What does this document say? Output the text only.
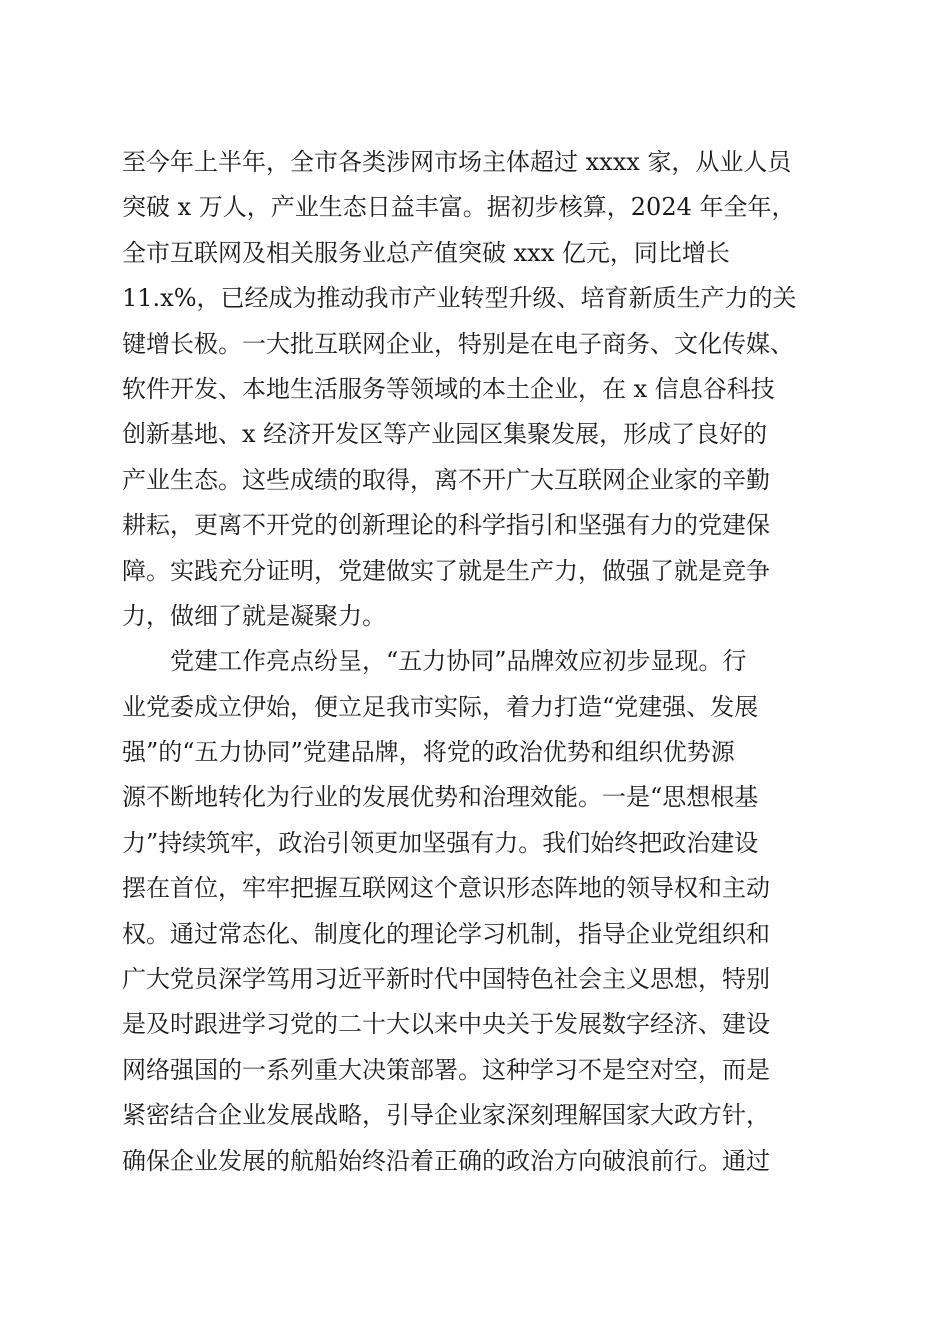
至今年上半年，全市各类涉网市场主体超过 xxxx 家，从业人员
突破 x 万人，产业生态日益丰富。据初步核算，2024 年全年，
全市互联网及相关服务业总产值突破 xxx 亿元，同比增长
11.x%，已经成为推动我市产业转型升级、培育新质生产力的关
键增长极。一大批互联网企业，特别是在电子商务、文化传媒、
软件开发、本地生活服务等领域的本土企业，在 x 信息谷科技
创新基地、x 经济开发区等产业园区集聚发展，形成了良好的
产业生态。这些成绩的取得，离不开广大互联网企业家的辛勤
耕耘，更离不开党的创新理论的科学指引和坚强有力的党建保
障。实践充分证明，党建做实了就是生产力，做强了就是竞争
力，做细了就是凝聚力。
党建工作亮点纷呈，“五力协同”品牌效应初步显现。行
业党委成立伊始，便立足我市实际，着力打造“党建强、发展
强”的“五力协同”党建品牌，将党的政治优势和组织优势源
源不断地转化为行业的发展优势和治理效能。一是“思想根基
力”持续筑牢，政治引领更加坚强有力。我们始终把政治建设
摆在首位，牢牢把握互联网这个意识形态阵地的领导权和主动
权。通过常态化、制度化的理论学习机制，指导企业党组织和
广大党员深学笃用习近平新时代中国特色社会主义思想，特别
是及时跟进学习党的二十大以来中央关于发展数字经济、建设
网络强国的一系列重大决策部署。这种学习不是空对空，而是
紧密结合企业发展战略，引导企业家深刻理解国家大政方针，
确保企业发展的航船始终沿着正确的政治方向破浪前行。通过
